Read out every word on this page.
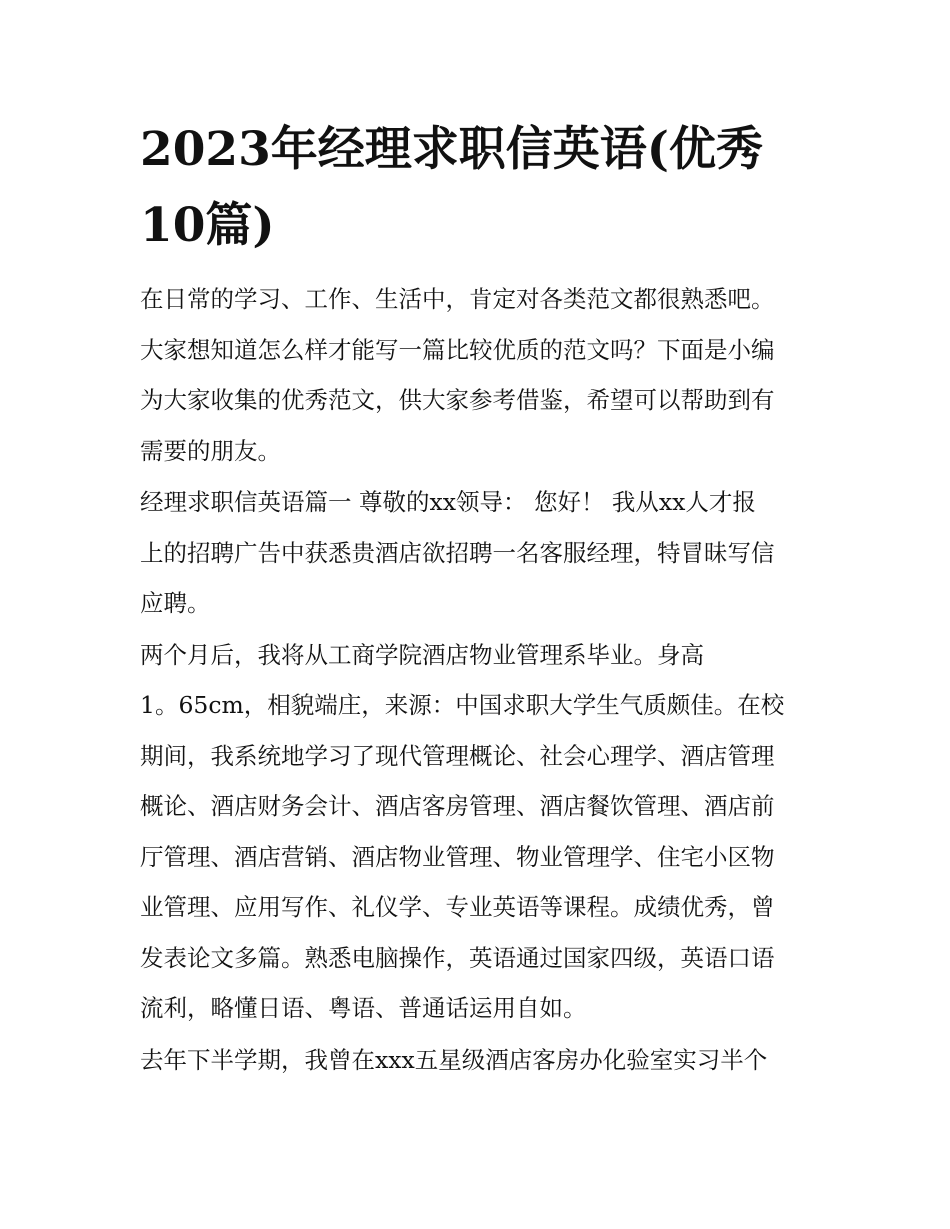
2023年经理求职信英语(优秀
10篇)

在日常的学习、工作、生活中，肯定对各类范文都很熟悉吧。
大家想知道怎么样才能写一篇比较优质的范文吗？下面是小编
为大家收集的优秀范文，供大家参考借鉴，希望可以帮助到有
需要的朋友。

经理求职信英语篇一 尊敬的xx领导： 您好！ 我从xx人才报
上的招聘广告中获悉贵酒店欲招聘一名客服经理，特冒昧写信
应聘。

两个月后，我将从工商学院酒店物业管理系毕业。身高
1。65cm，相貌端庄，来源：中国求职大学生气质颇佳。在校
期间，我系统地学习了现代管理概论、社会心理学、酒店管理
概论、酒店财务会计、酒店客房管理、酒店餐饮管理、酒店前
厅管理、酒店营销、酒店物业管理、物业管理学、住宅小区物
业管理、应用写作、礼仪学、专业英语等课程。成绩优秀，曾
发表论文多篇。熟悉电脑操作，英语通过国家四级，英语口语
流利，略懂日语、粤语、普通话运用自如。

去年下半学期，我曾在xxx五星级酒店客房办化验室实习半个
